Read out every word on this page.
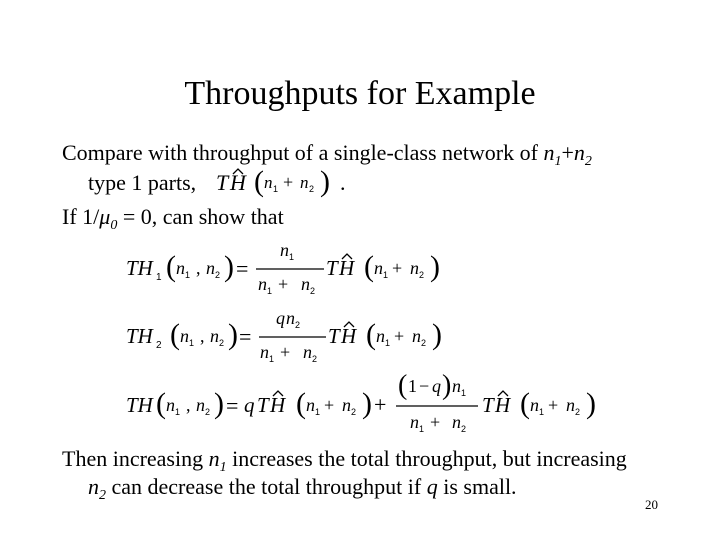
Throughputs for Example
Compare with throughput of a single-class network of $n_1+n_2$
type 1 parts,	.
T H ( n n
1	2
+ )
If $1/\mu_0 = 0$, can show that
TH 1 ( n n
1	2
, ) =
n 1
n n
1	2
+
T H ( n n
1	2
+ )
TH 2 ( n n
1	2
, ) =
q n 2
n n
1	2
+
T H ( n n
1	2
+ )
TH ( n n
1	2
, ) = q T H ( n n
1	2
+ ) +
( 1 − q ) n 1
n n
1	2
+
T H ( n n
1	2
+ )
Then increasing $n_1$ increases the total throughput, but increasing
$n_2$ can decrease the total throughput if q is small.
20
